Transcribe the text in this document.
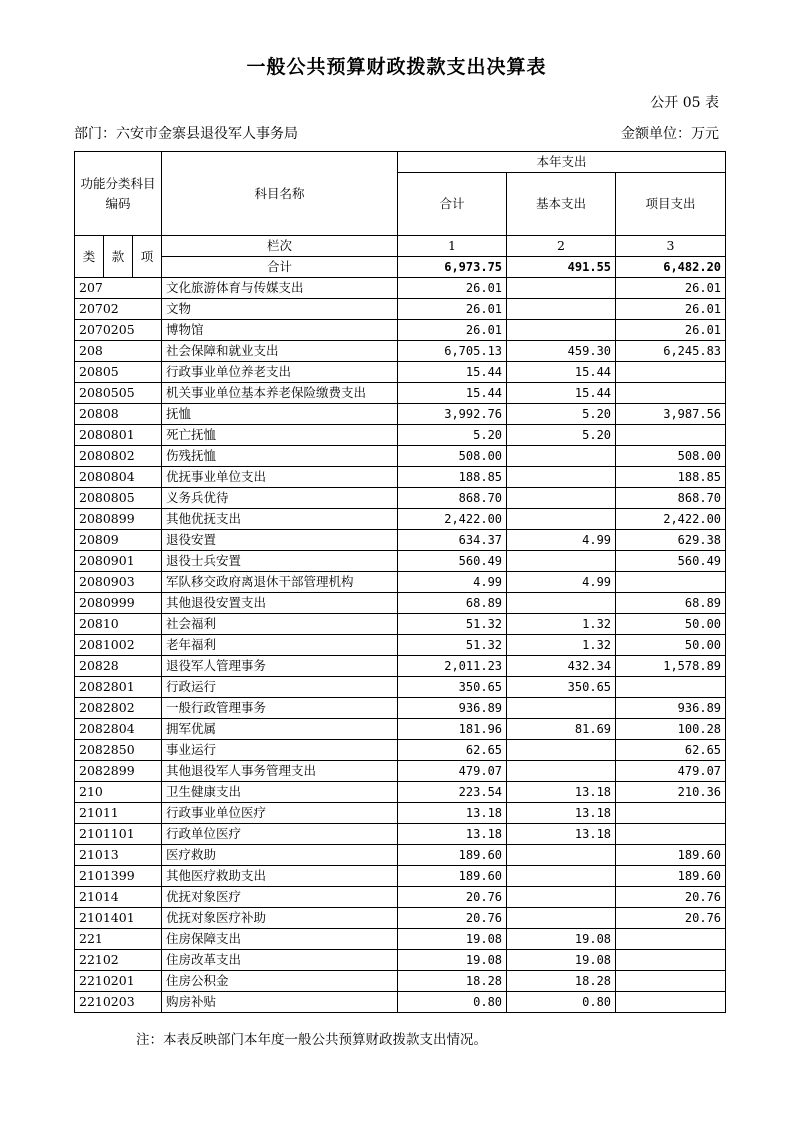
一般公共预算财政拨款支出决算表
公开 05 表
部门：六安市金寨县退役军人事务局	金额单位：万元
功能分类科目编码			科目名称	本年支出		
				合计	基本支出	项目支出
类	款	项	栏次	1	2	3
			合计	6,973.75	491.55	6,482.20
207			文化旅游体育与传媒支出	26.01		26.01
20702			文物	26.01		26.01
2070205			博物馆	26.01		26.01
208			社会保障和就业支出	6,705.13	459.30	6,245.83
20805			行政事业单位养老支出	15.44	15.44	
2080505			机关事业单位基本养老保险缴费支出	15.44	15.44	
20808			抚恤	3,992.76	5.20	3,987.56
2080801			死亡抚恤	5.20	5.20	
2080802			伤残抚恤	508.00		508.00
2080804			优抚事业单位支出	188.85		188.85
2080805			义务兵优待	868.70		868.70
2080899			其他优抚支出	2,422.00		2,422.00
20809			退役安置	634.37	4.99	629.38
2080901			退役士兵安置	560.49		560.49
2080903			军队移交政府离退休干部管理机构	4.99	4.99	
2080999			其他退役安置支出	68.89		68.89
20810			社会福利	51.32	1.32	50.00
2081002			老年福利	51.32	1.32	50.00
20828			退役军人管理事务	2,011.23	432.34	1,578.89
2082801			行政运行	350.65	350.65	
2082802			一般行政管理事务	936.89		936.89
2082804			拥军优属	181.96	81.69	100.28
2082850			事业运行	62.65		62.65
2082899			其他退役军人事务管理支出	479.07		479.07
210			卫生健康支出	223.54	13.18	210.36
21011			行政事业单位医疗	13.18	13.18	
2101101			行政单位医疗	13.18	13.18	
21013			医疗救助	189.60		189.60
2101399			其他医疗救助支出	189.60		189.60
21014			优抚对象医疗	20.76		20.76
2101401			优抚对象医疗补助	20.76		20.76
221			住房保障支出	19.08	19.08	
22102			住房改革支出	19.08	19.08	
2210201			住房公积金	18.28	18.28	
2210203			购房补贴	0.80	0.80	
注：本表反映部门本年度一般公共预算财政拨款支出情况。
